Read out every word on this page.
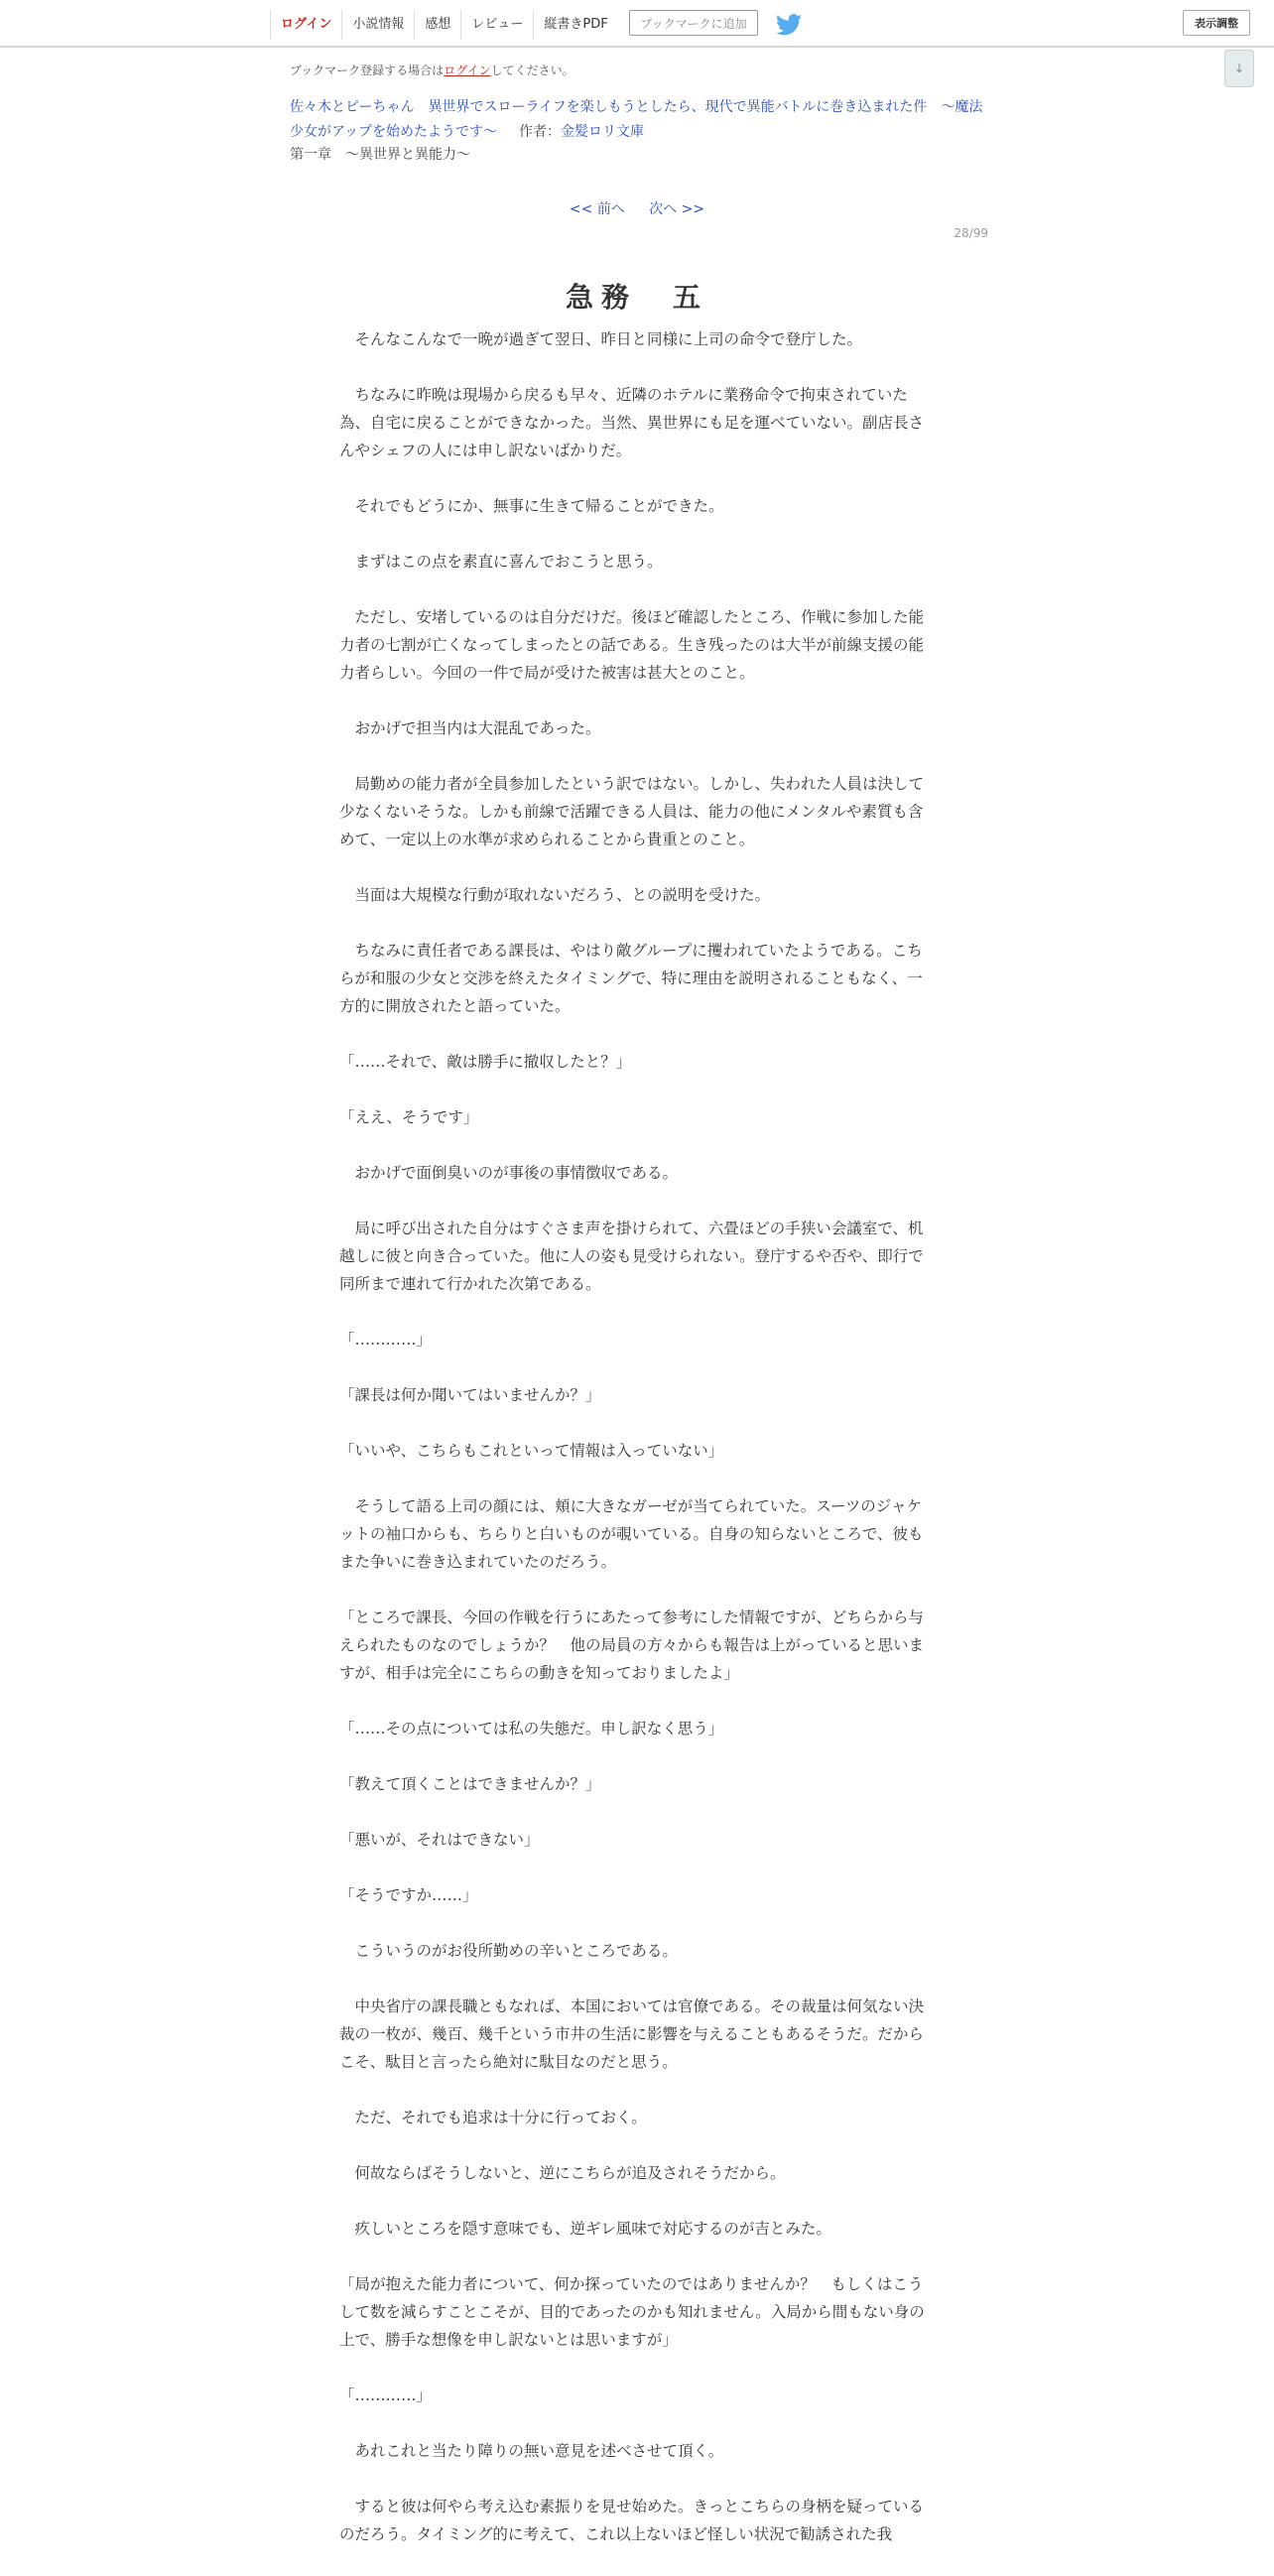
ログイン	小説情報	感想	レビュー	縦書きPDF	ブックマークに追加	表示調整
↓
ブックマーク登録する場合はログインしてください。
佐々木とピーちゃん　異世界でスローライフを楽しもうとしたら、現代で異能バトルに巻き込まれた件　～魔法少女がアップを始めたようです～ 作者：金髪ロリ文庫
第一章　～異世界と異能力～
<< 前へ 次へ >>
28/99
急務　五

　そんなこんなで一晩が過ぎて翌日、昨日と同様に上司の命令で登庁した。

　ちなみに昨晩は現場から戻るも早々、近隣のホテルに業務命令で拘束されていた為、自宅に戻ることができなかった。当然、異世界にも足を運べていない。副店長さんやシェフの人には申し訳ないばかりだ。

　それでもどうにか、無事に生きて帰ることができた。

　まずはこの点を素直に喜んでおこうと思う。

　ただし、安堵しているのは自分だけだ。後ほど確認したところ、作戦に参加した能力者の七割が亡くなってしまったとの話である。生き残ったのは大半が前線支援の能力者らしい。今回の一件で局が受けた被害は甚大とのこと。

　おかげで担当内は大混乱であった。

　局勤めの能力者が全員参加したという訳ではない。しかし、失われた人員は決して少なくないそうな。しかも前線で活躍できる人員は、能力の他にメンタルや素質も含めて、一定以上の水準が求められることから貴重とのこと。

　当面は大規模な行動が取れないだろう、との説明を受けた。

　ちなみに責任者である課長は、やはり敵グループに攫われていたようである。こちらが和服の少女と交渉を終えたタイミングで、特に理由を説明されることもなく、一方的に開放されたと語っていた。

「……それで、敵は勝手に撤収したと？」

「ええ、そうです」

　おかげで面倒臭いのが事後の事情徴収である。

　局に呼び出された自分はすぐさま声を掛けられて、六畳ほどの手狭い会議室で、机越しに彼と向き合っていた。他に人の姿も見受けられない。登庁するや否や、即行で同所まで連れて行かれた次第である。

「…………」

「課長は何か聞いてはいませんか？」

「いいや、こちらもこれといって情報は入っていない」

　そうして語る上司の顔には、頬に大きなガーゼが当てられていた。スーツのジャケットの袖口からも、ちらりと白いものが覗いている。自身の知らないところで、彼もまた争いに巻き込まれていたのだろう。

「ところで課長、今回の作戦を行うにあたって参考にした情報ですが、どちらから与えられたものなのでしょうか？　他の局員の方々からも報告は上がっていると思いますが、相手は完全にこちらの動きを知っておりましたよ」

「……その点については私の失態だ。申し訳なく思う」

「教えて頂くことはできませんか？」

「悪いが、それはできない」

「そうですか……」

　こういうのがお役所勤めの辛いところである。

　中央省庁の課長職ともなれば、本国においては官僚である。その裁量は何気ない決裁の一枚が、幾百、幾千という市井の生活に影響を与えることもあるそうだ。だからこそ、駄目と言ったら絶対に駄目なのだと思う。

　ただ、それでも追求は十分に行っておく。

　何故ならばそうしないと、逆にこちらが追及されそうだから。

　疚しいところを隠す意味でも、逆ギレ風味で対応するのが吉とみた。

「局が抱えた能力者について、何か探っていたのではありませんか？　もしくはこうして数を減らすことこそが、目的であったのかも知れません。入局から間もない身の上で、勝手な想像を申し訳ないとは思いますが」

「…………」

　あれこれと当たり障りの無い意見を述べさせて頂く。

　すると彼は何やら考え込む素振りを見せ始めた。きっとこちらの身柄を疑っているのだろう。タイミング的に考えて、これ以上ないほど怪しい状況で勧誘された我
